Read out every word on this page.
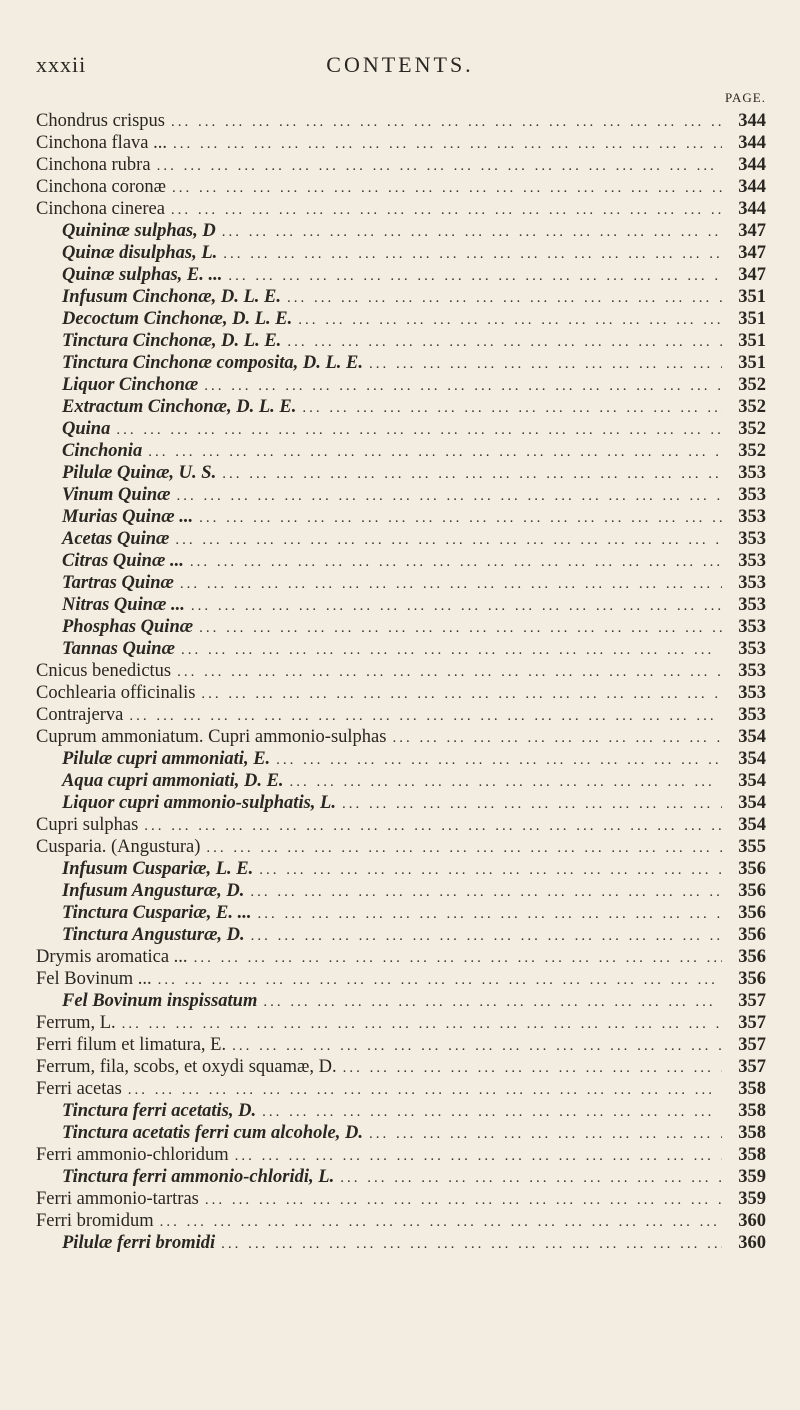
xxxii	CONTENTS.
PAGE.
Chondrus crispus ... .	344
Cinchona flava ... ... .	344
Cinchona rubra ... .	344
Cinchona coronæ ... .	344
Cinchona cinerea ... .	344
Quininæ sulphas, D ... .	347
Quinæ disulphas, L. ... .	347
Quinæ sulphas, E. ... ... .	347
Infusum Cinchonæ, D. L. E. ... .	351
Decoctum Cinchonæ, D. L. E. ... .	351
Tinctura Cinchonæ, D. L. E. ... .	351
Tinctura Cinchonæ composita, D. L. E. ... .	351
Liquor Cinchonæ ... .	352
Extractum Cinchonæ, D. L. E. ... .	352
Quina ... .	352
Cinchonia ... .	352
Pilulæ Quinæ, U. S. ... .	353
Vinum Quinæ ... .	353
Murias Quinæ ... ... .	353
Acetas Quinæ ... .	353
Citras Quinæ ... ... .	353
Tartras Quinæ ... .	353
Nitras Quinæ ... ... .	353
Phosphas Quinæ ... .	353
Tannas Quinæ ... .	353
Cnicus benedictus ... .	353
Cochlearia officinalis ... .	353
Contrajerva ... .	353
Cuprum ammoniatum. Cupri ammonio-sulphas ... .	354
Pilulæ cupri ammoniati, E. ... .	354
Aqua cupri ammoniati, D. E. ... .	354
Liquor cupri ammonio-sulphatis, L. ... .	354
Cupri sulphas ... .	354
Cusparia. (Angustura) ... .	355
Infusum Cuspariæ, L. E. ... .	356
Infusum Angusturæ, D. ... .	356
Tinctura Cuspariæ, E. ... ... .	356
Tinctura Angusturæ, D. ... .	356
Drymis aromatica ... ... .	356
Fel Bovinum ... ... .	356
Fel Bovinum inspissatum ... .	357
Ferrum, L. ... .	357
Ferri filum et limatura, E. ... .	357
Ferrum, fila, scobs, et oxydi squamæ, D. ... .	357
Ferri acetas ... .	358
Tinctura ferri acetatis, D. ... .	358
Tinctura acetatis ferri cum alcohole, D. ... .	358
Ferri ammonio-chloridum ... .	358
Tinctura ferri ammonio-chloridi, L. ... .	359
Ferri ammonio-tartras ... .	359
Ferri bromidum ... .	360
Pilulæ ferri bromidi ... .	360
